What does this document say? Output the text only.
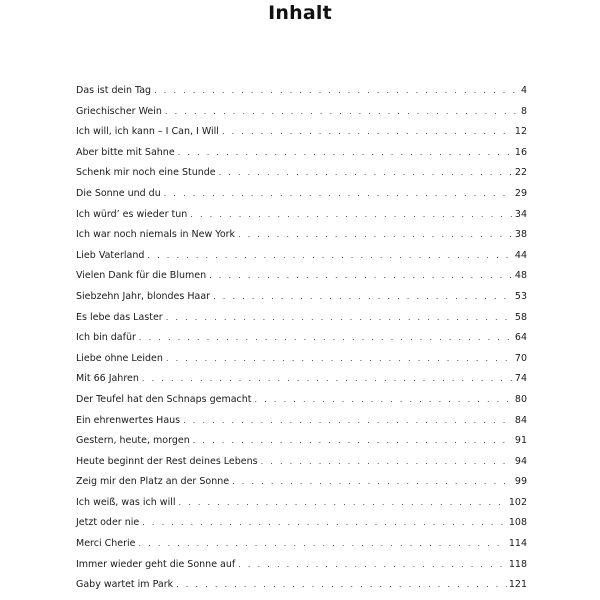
Inhalt
Das ist dein Tag . . .	4
Griechischer Wein . . .	8
Ich will, ich kann – I Can, I Will . . .	12
Aber bitte mit Sahne . . .	16
Schenk mir noch eine Stunde . . .	22
Die Sonne und du . . .	29
Ich würd’ es wieder tun . . .	34
Ich war noch niemals in New York . . .	38
Lieb Vaterland . . .	44
Vielen Dank für die Blumen . . .	48
Siebzehn Jahr, blondes Haar . . .	53
Es lebe das Laster . . .	58
Ich bin dafür . . .	64
Liebe ohne Leiden . . .	70
Mit 66 Jahren . . .	74
Der Teufel hat den Schnaps gemacht . . .	80
Ein ehrenwertes Haus . . .	84
Gestern, heute, morgen . . .	91
Heute beginnt der Rest deines Lebens . . .	94
Zeig mir den Platz an der Sonne . . .	99
Ich weiß, was ich will . . .	102
Jetzt oder nie . . .	108
Merci Cherie . . .	114
Immer wieder geht die Sonne auf . . .	118
Gaby wartet im Park . . .	121
